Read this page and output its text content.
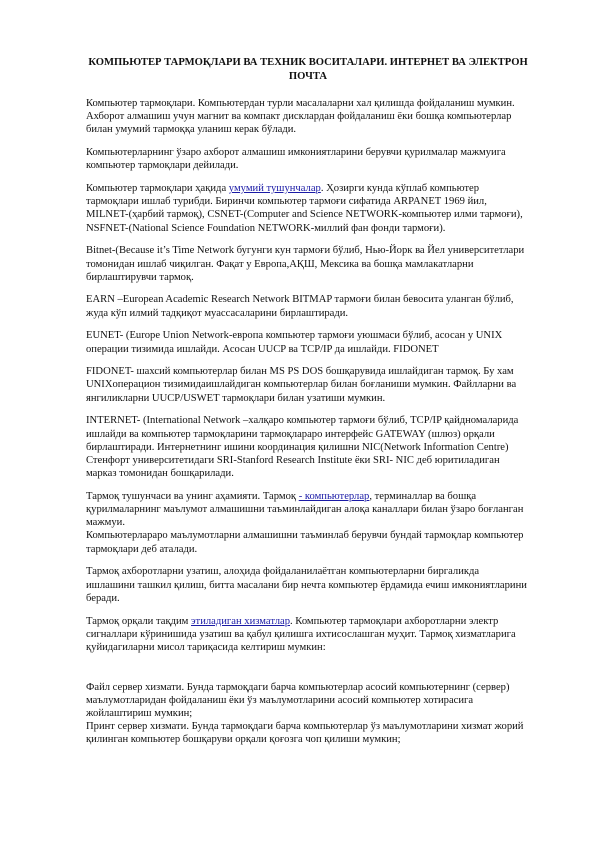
КОМПЬЮТЕР ТАРМОҚЛАРИ ВА ТЕХНИК ВОСИТАЛАРИ. ИНТЕРНЕТ ВА ЭЛЕКТРОН ПОЧТА

Компьютер тармоқлари. Компьютердан турли масалаларни хал қилишда фойдаланиш мумкин. Ахборот алмашиш учун магнит ва компакт дисклардан фойдаланиш ёки бошқа компьютерлар билан умумий тармоққа уланиш керак бўлади.

Компьютерларнинг ўзаро ахборот алмашиш имкониятларини берувчи қурилмалар мажмуига компьютер тармоқлари дейилади.

Компьютер тармоқлари ҳақида умумий тушунчалар. Ҳозирги кунда кўплаб компьютер тармоқлари ишлаб турибди. Биринчи компьютер тармоғи сифатида ARPANET 1969 йил, MILNET-(ҳарбий тармоқ), CSNET-(Computer and Science NETWORK-компьютер илми тармоғи), NSFNET-(National Science Foundation NETWORK-миллий фан фонди тармоғи).

Bitnet-(Because it’s Time Network бугунги кун тармоғи бўлиб, Нью-Йорк ва Йел университетлари томонидан ишлаб чиқилган. Фақат у Европа,АҚШ, Мексика ва бошқа мамлакатларни бирлаштирувчи тармоқ.

EARN –European Academic Research Network BITMAP тармоғи билан бевосита уланган бўлиб, жуда кўп илмий тадқиқот муассасаларини бирлаштиради.

EUNET- (Europe Union Network-европа компьютер тармоғи уюшмаси бўлиб, асосан у UNIX операции тизимида ишлайди. Асосан UUCP ва TCP/IP да ишлайди. FIDONET

FIDONET- шахсий компьютерлар билан MS PS DOS бошқарувида ишлайдиган тармоқ. Бу хам UNIXоперацион тизимидаишлайдиган компьютерлар билан боғланиши мумкин. Файлларни ва янгиликларни UUCP/USWET тармоқлари билан узатиши мумкин.

INTERNET- (International Network –халқаро компьютер тармоғи бўлиб, TCP/IP қайдномаларида ишлайди ва компьютер тармоқларини тармоқлараро интерфейс GATEWAY (шлюз) орқали бирлаштиради. Интернетнинг ишини координация қилишни NIC(Network Information Centre) Стенфорт университетидаги SRI-Stanford Research Institute ёки SRI- NIC деб юритиладиган марказ томонидан бошқарилади.

Тармоқ тушунчаси ва унинг аҳамияти. Тармоқ - компьютерлар, терминаллар ва бошқа қурилмаларнинг маълумот алмашишни таъминлайдиган алоқа каналлари билан ўзаро боғланган мажмуи.

Компьютерлараро маълумотларни алмашишни таъминлаб берувчи бундай тармоқлар компьютер тармоқлари деб аталади.

Тармоқ ахборотларни узатиш, алоҳида фойдаланилаётган компьютерларни биргаликда ишлашини ташкил қилиш, битта масалани бир нечта компьютер ёрдамида ечиш имкониятларини беради.

Тармоқ орқали тақдим этиладиган хизматлар. Компьютер тармоқлари ахборотларни электр сигналлари кўринишида узатиш ва қабул қилишга ихтисослашган муҳит. Тармоқ хизматларига қуйидагиларни мисол тариқасида келтириш мумкин:

Файл сервер хизмати. Бунда тармоқдаги барча компьютерлар асосий компьютернинг (сервер) маълумотларидан фойдаланиш ёки ўз маълумотларини асосий компьютер хотирасига жойлаштириш мумкин;

Принт сервер хизмати. Бунда тармоқдаги барча компьютерлар ўз маълумотларини хизмат жорий қилинган компьютер бошқаруви орқали қоғозга чоп қилиши мумкин;
